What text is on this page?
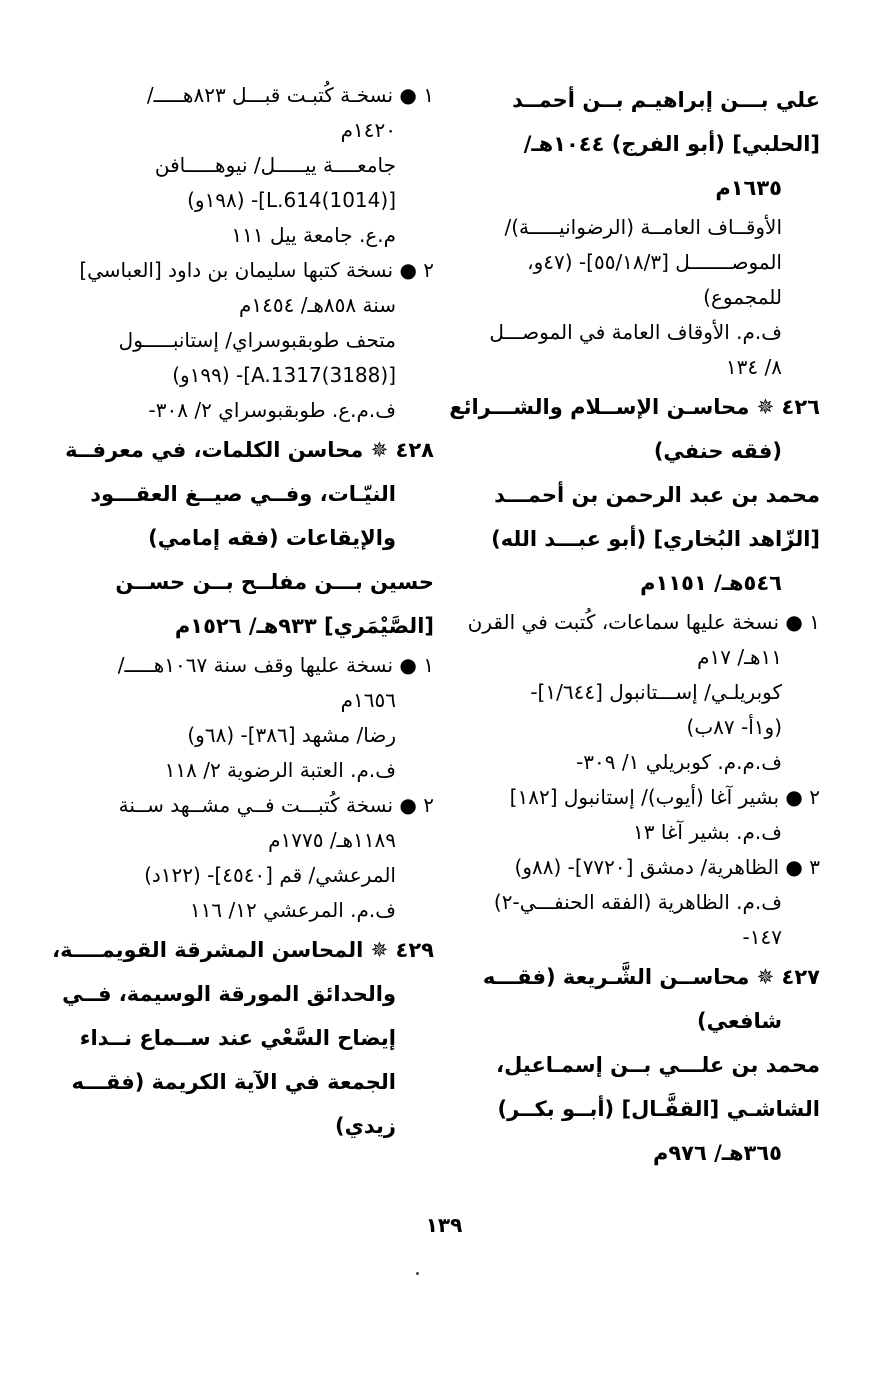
علي بـــن إبراهيـم بــن أحمــد
[الحلبي] (أبو الفرج) ١٠٤٤هـ/
١٦٣٥م
الأوقــاف العامــة (الرضوانيـــــة)/
الموصـــــــل [٥٥/١٨/٣]- (٤٧و،
للمجموع)
ف.م. الأوقاف العامة في الموصـــل
٨/ ١٣٤
٤٢٦ ✵ محاسـن الإســلام والشـــرائع
(فقه حنفي)
محمد بن عبد الرحمن بن أحمـــد
[الزّاهد البُخاري] (أبو عبـــد الله)
٥٤٦هـ/ ١١٥١م
١ ● نسخة عليها سماعات، كُتبت في القرن
١١هـ/ ١٧م
كوبريلـي/ إســـتانبول [١/٦٤٤]-
(و١أ- ٨٧ب)
ف.م.م. كوبريلي ١/ ٣٠٩-
٢ ● بشير آغا (أيوب)/ إستانبول [١٨٢]
ف.م. بشير آغا ١٣
٣ ● الظاهرية/ دمشق [٧٧٢٠]- (٨٨و)
ف.م. الظاهرية (الفقه الحنفـــي-٢)
١٤٧-
٤٢٧ ✵ محاســن الشَّـريعة (فقـــه
شافعي)
محمد بن علـــي بــن إسمـاعيل،
الشاشـي [القفَّـال] (أبــو بكــر)
٣٦٥هـ/ ٩٧٦م
١ ● نسخـة كُتبـت قبـــل ٨٢٣هـــــ/
١٤٢٠م
جامعــــة ييـــــل/ نيوهـــــافن
[(1014)L.614]- (١٩٨و)
م.ع. جامعة ييل ١١١
٢ ● نسخة كتبها سليمان بن داود [العباسي]
سنة ٨٥٨هـ/ ١٤٥٤م
متحف طوبقبوسراي/ إستانبـــــول
[(3188)A.1317]- (١٩٩و)
ف.م.ع. طوبقبوسراي ٢/ ٣٠٨-
٤٢٨ ✵ محاسن الكلمات، في معرفــة
النيّـات، وفــي صيــغ العقـــود
والإيقاعات (فقه إمامي)
حسين بـــن مفلــح بــن حســن
[الصَّيْمَري] ٩٣٣هـ/ ١٥٢٦م
١ ● نسخة عليها وقف سنة ١٠٦٧هـــــ/
١٦٥٦م
رضا/ مشهد [٣٨٦]- (٦٨و)
ف.م. العتبة الرضوية ٢/ ١١٨
٢ ● نسخة كُتبـــت فــي مشــهد ســنة
١١٨٩هـ/ ١٧٧٥م
المرعشي/ قم [٤٥٤٠]- (١٢٢د)
ف.م. المرعشي ١٢/ ١١٦
٤٢٩ ✵ المحاسن المشرقة القويمــــة،
والحدائق المورقة الوسيمة، فــي
إيضاح السَّعْي عند ســماع نــداء
الجمعة في الآية الكريمة (فقـــه
زيدي)
١٣٩
